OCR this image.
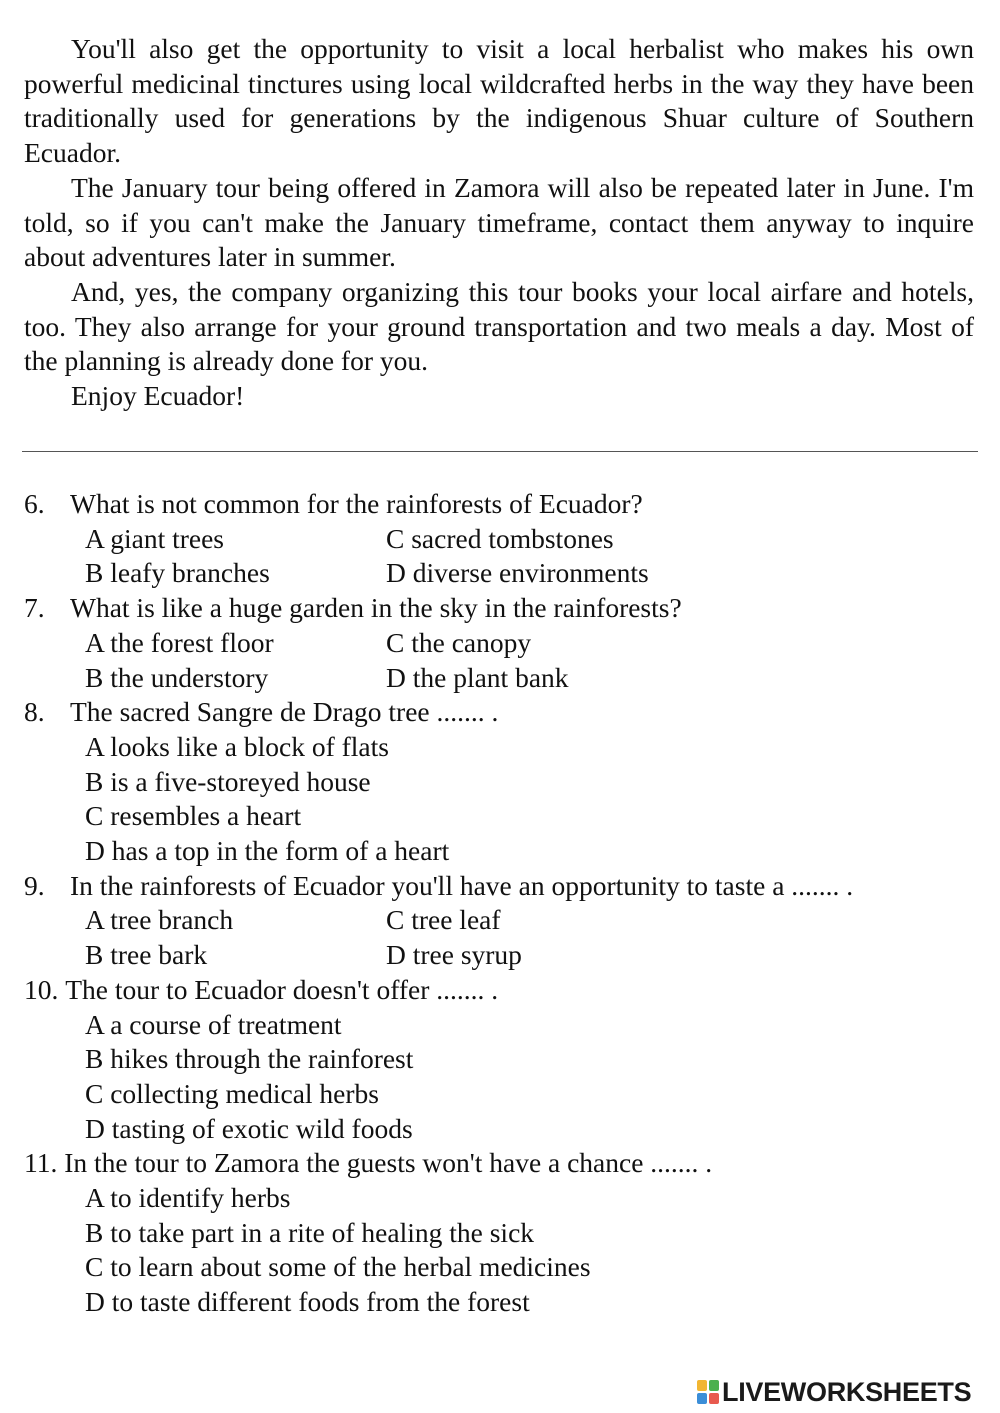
You'll also get the opportunity to visit a local herbalist who makes his own powerful medicinal tinctures using local wildcrafted herbs in the way they have been traditionally used for generations by the indigenous Shuar culture of Southern Ecuador.

The January tour being offered in Zamora will also be repeated later in June. I'm told, so if you can't make the January timeframe, contact them anyway to inquire about adventures later in summer.

And, yes, the company organizing this tour books your local airfare and hotels, too. They also arrange for your ground transportation and two meals a day. Most of the planning is already done for you.

Enjoy Ecuador!

6. What is not common for the rainforests of Ecuador?
A giant trees	C sacred tombstones
B leafy branches	D diverse environments
7. What is like a huge garden in the sky in the rainforests?
A the forest floor	C the canopy
B the understory	D the plant bank
8. The sacred Sangre de Drago tree ....... .
A looks like a block of flats
B is a five-storeyed house
C resembles a heart
D has a top in the form of a heart
9. In the rainforests of Ecuador you'll have an opportunity to taste a ....... .
A tree branch	C tree leaf
B tree bark	D tree syrup
10.
The tour to Ecuador doesn't offer ....... .
A a course of treatment
B hikes through the rainforest
C collecting medical herbs
D tasting of exotic wild foods
11.
In the tour to Zamora the guests won't have a chance ....... .
A to identify herbs
B to take part in a rite of healing the sick
C to learn about some of the herbal medicines
D to taste different foods from the forest
LIVEWORKSHEETS
